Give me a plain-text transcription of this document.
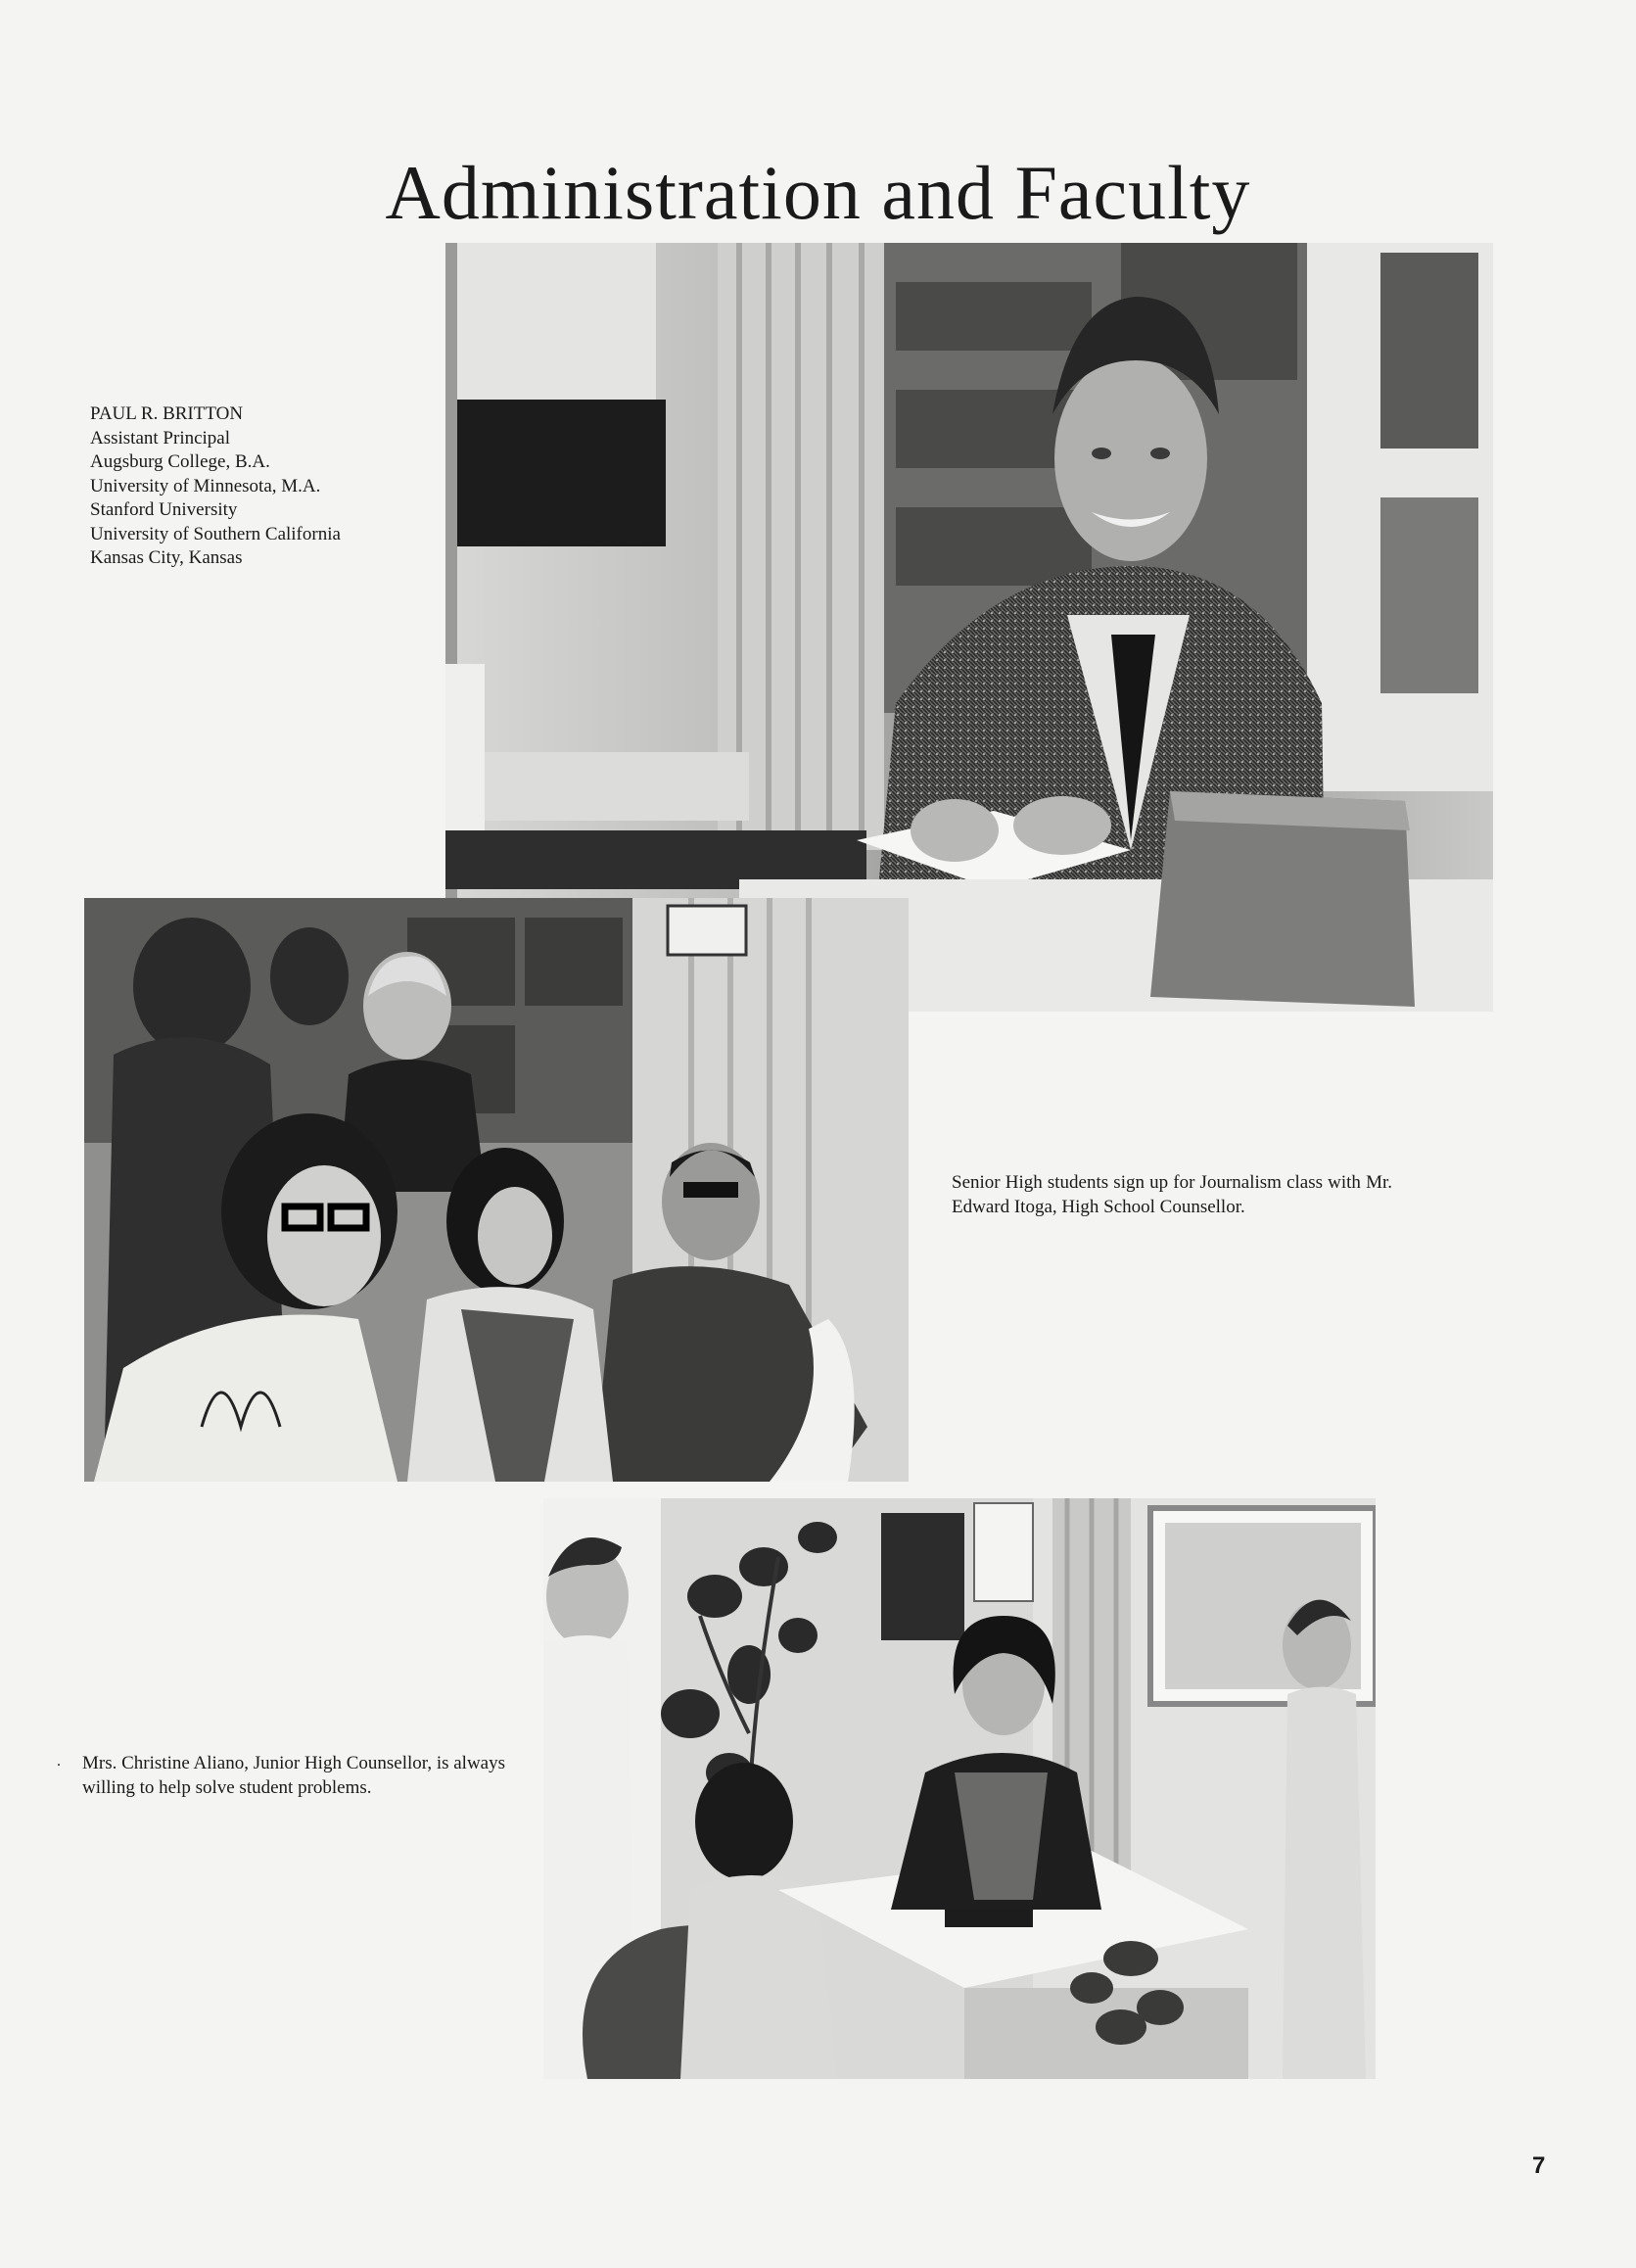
Administration and Faculty
PAUL R. BRITTON
Assistant Principal
Augsburg College, B.A.
University of Minnesota, M.A.
Stanford University
University of Southern California
Kansas City, Kansas
Senior High students sign up for Journalism class with Mr. Edward Itoga, High School Counsellor.
. Mrs. Christine Aliano, Junior High Counsellor, is always willing to help solve student problems.
7
